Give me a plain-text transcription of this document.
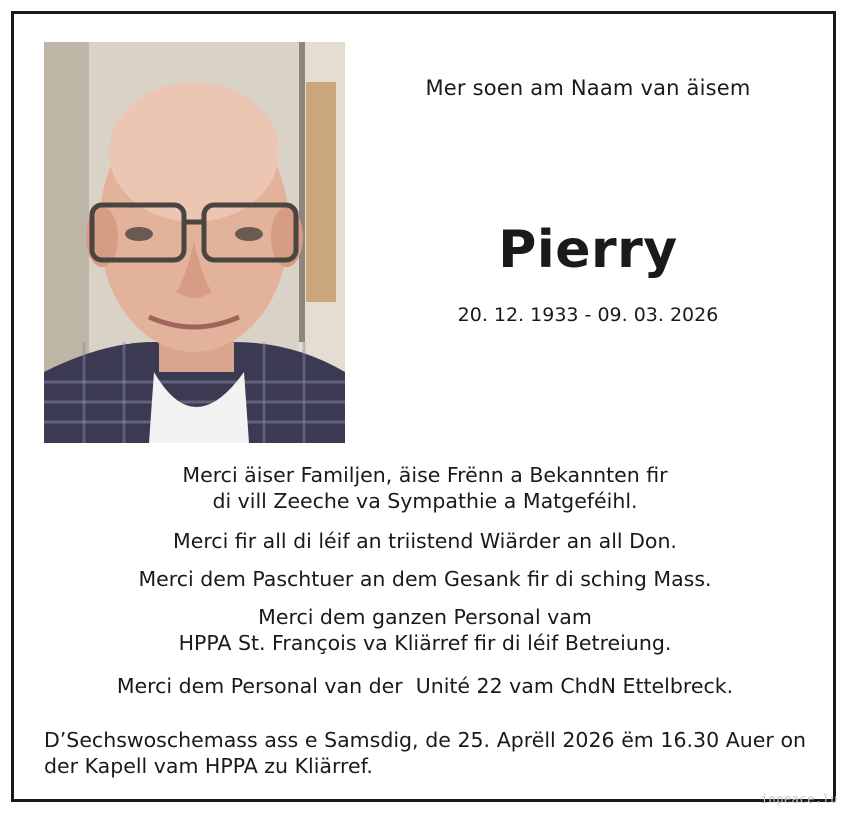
Mer soen am Naam van äisem
Pierry
20. 12. 1933 - 09. 03. 2026
Merci äiser Familjen, äise Frënn a Bekannten fir
di vill Zeeche va Sympathie a Matgeféihl.
Merci fir all di léif an triistend Wiärder an all Don.
Merci dem Paschtuer an dem Gesank fir di sching Mass.
Merci dem ganzen Personal vam
HPPA St. François va Kliärref fir di léif Betreiung.
Merci dem Personal van der  Unité 22 vam ChdN Ettelbreck.
D’Sechswoschemass ass e Samsdig, de 25. Aprëll 2026 ëm 16.30 Auer on der Kapell vam HPPA zu Kliärref.
inpeace.lu
